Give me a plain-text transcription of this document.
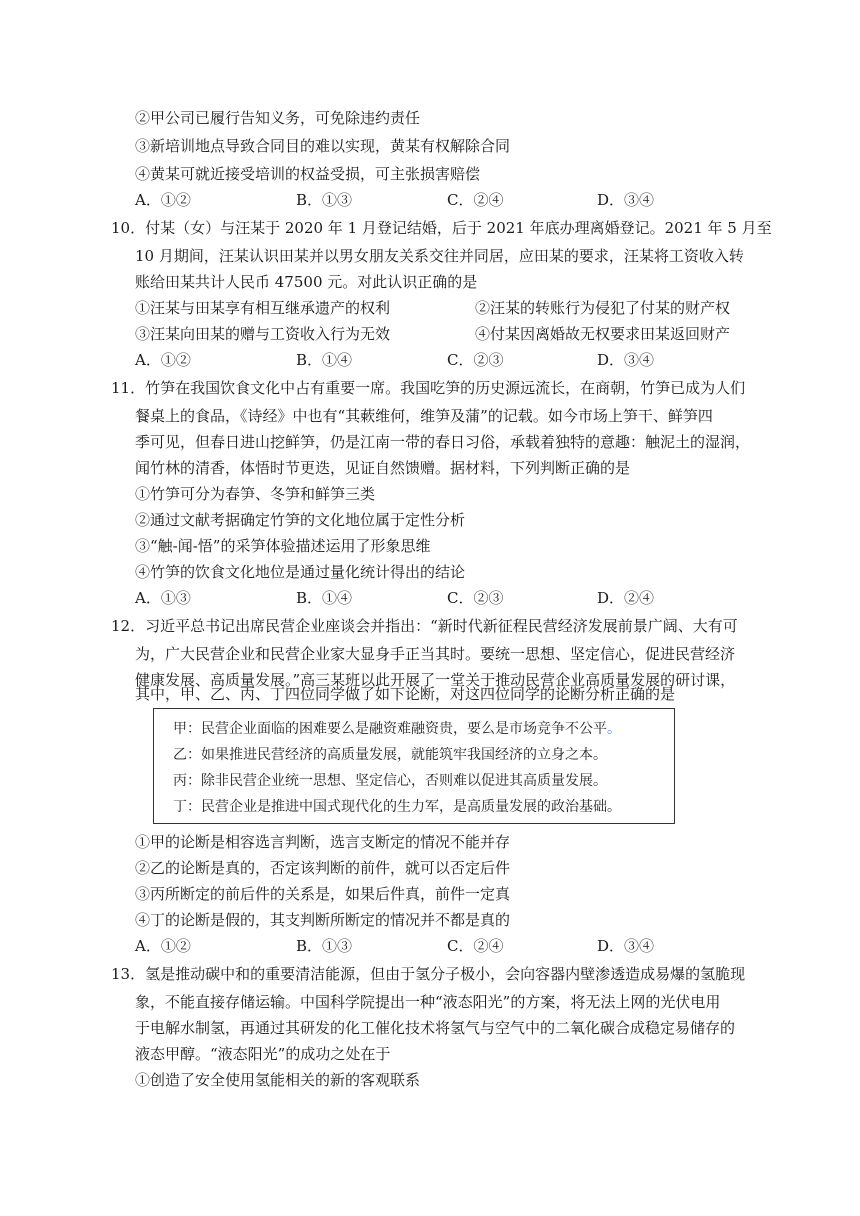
②甲公司已履行告知义务，可免除违约责任
③新培训地点导致合同目的难以实现，黄某有权解除合同
④黄某可就近接受培训的权益受损，可主张损害赔偿
A．①②	B．①③	C．②④	D．③④
10．付某（女）与汪某于 2020 年 1 月登记结婚，后于 2021 年底办理离婚登记。2021 年 5 月至
10 月期间，汪某认识田某并以男女朋友关系交往并同居，应田某的要求，汪某将工资收入转
账给田某共计人民币 47500 元。对此认识正确的是
①汪某与田某享有相互继承遗产的权利	②汪某的转账行为侵犯了付某的财产权
③汪某向田某的赠与工资收入行为无效	④付某因离婚故无权要求田某返回财产
A．①②	B．①④	C．②③	D．③④
11．竹笋在我国饮食文化中占有重要一席。我国吃笋的历史源远流长，在商朝，竹笋已成为人们
餐桌上的食品，《诗经》中也有“其蔌维何，维笋及蒲”的记载。如今市场上笋干、鲜笋四
季可见，但春日进山挖鲜笋，仍是江南一带的春日习俗，承载着独特的意趣：触泥土的湿润，
闻竹林的清香，体悟时节更迭，见证自然馈赠。据材料，下列判断正确的是
①竹笋可分为春笋、冬笋和鲜笋三类
②通过文献考据确定竹笋的文化地位属于定性分析
③“触-闻-悟”的采笋体验描述运用了形象思维
④竹笋的饮食文化地位是通过量化统计得出的结论
A．①③	B．①④	C．②③	D．②④
12．习近平总书记出席民营企业座谈会并指出：“新时代新征程民营经济发展前景广阔、大有可
为，广大民营企业和民营企业家大显身手正当其时。要统一思想、坚定信心，促进民营经济
健康发展、高质量发展。”高三某班以此开展了一堂关于推动民营企业高质量发展的研讨课，
其中，甲、乙、丙、丁四位同学做了如下论断，对这四位同学的论断分析正确的是
甲：民营企业面临的困难要么是融资难融资贵，要么是市场竞争不公平。
乙：如果推进民营经济的高质量发展，就能筑牢我国经济的立身之本。
丙：除非民营企业统一思想、坚定信心，否则难以促进其高质量发展。
丁：民营企业是推进中国式现代化的生力军，是高质量发展的政治基础。
①甲的论断是相容选言判断，选言支断定的情况不能并存
②乙的论断是真的，否定该判断的前件，就可以否定后件
③丙所断定的前后件的关系是，如果后件真，前件一定真
④丁的论断是假的，其支判断所断定的情况并不都是真的
A．①②	B．①③	C．②④	D．③④
13．氢是推动碳中和的重要清洁能源，但由于氢分子极小，会向容器内壁渗透造成易爆的氢脆现
象，不能直接存储运输。中国科学院提出一种“液态阳光”的方案，将无法上网的光伏电用
于电解水制氢，再通过其研发的化工催化技术将氢气与空气中的二氧化碳合成稳定易储存的
液态甲醇。“液态阳光”的成功之处在于
①创造了安全使用氢能相关的新的客观联系
